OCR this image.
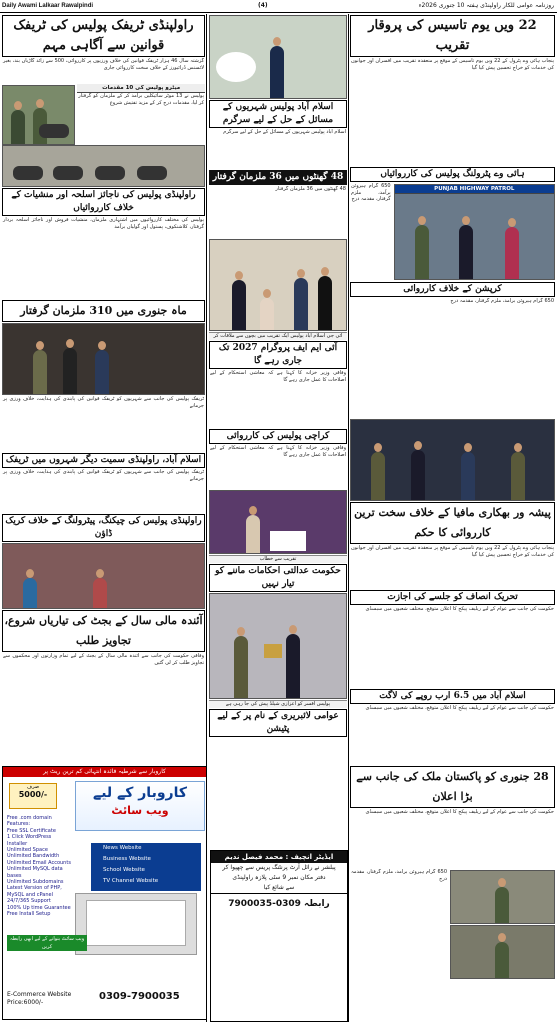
Daily Awami Lalkaar Rawalpindi	(4)	روزنامہ عوامی للکار راولپنڈی ہفتہ 10 جنوری 2026ء
راولپنڈی ٹریفک پولیس کی ٹریفک قوانین سے آگاہی مہم
گزشتہ سال 46 ہزار ٹریفک قوانین کی خلاف ورزیوں پر کارروائی، 500 سے زائد گاڑیاں بند، بغیر لائسنس ڈرائیورز کے خلاف سخت کارروائی جاری
میٹرو پولیس کی 10 مقدمات
پولیس نے 13 موٹر سائیکلیں برآمد کر کے ملزمان کو گرفتار کر لیا، مقدمات درج کر کے مزید تفتیش شروع
راولپنڈی پولیس کی ناجائز اسلحہ اور منشیات کے خلاف کارروائیاں
پولیس کی مختلف کارروائیوں میں اشتہاری ملزمان، منشیات فروش اور ناجائز اسلحہ بردار گرفتار، کلاشنکوف، پستول اور گولیاں برآمد
ماہ جنوری میں 310 ملزمان گرفتار
ٹریفک پولیس کی جانب سے شہریوں کو ٹریفک قوانین کی پابندی کی ہدایت، خلاف ورزی پر جرمانے
اسلام آباد، راولپنڈی سمیت دیگر شہروں میں ٹریفک
ٹریفک پولیس کی جانب سے شہریوں کو ٹریفک قوانین کی پابندی کی ہدایت، خلاف ورزی پر جرمانے
راولپنڈی پولیس کی چیکنگ، پیٹرولنگ کے خلاف کریک ڈاؤن
آئندہ مالی سال کے بجٹ کی تیاریاں شروع، تجاویز طلب
وفاقی حکومت کی جانب سے آئندہ مالی سال کے بجٹ کے لیے تمام وزارتوں اور محکموں سے تجاویز طلب کر لی گئیں
اسلام آباد پولیس شہریوں کے مسائل کے حل کے لیے سرگرم
اسلام آباد پولیس شہریوں کے مسائل کے حل کے لیے سرگرم
48 گھنٹوں میں 36 ملزمان گرفتار
48 گھنٹوں میں 36 ملزمان گرفتار
آئی جی اسلام آباد پولیس ایک تقریب میں بچوں سے ملاقات کر
آئی ایم ایف پروگرام 2027 تک جاری رہے گا
وفاقی وزیر خزانہ کا کہنا ہے کہ معاشی استحکام کے لیے اصلاحات کا عمل جاری رہے گا
کراچی پولیس کی کارروائی
وفاقی وزیر خزانہ کا کہنا ہے کہ معاشی استحکام کے لیے اصلاحات کا عمل جاری رہے گا
تقریب سے خطاب
حکومت عدالتی احکامات ماننے کو تیار نہیں
پولیس افسر کو اعزازی شیلڈ پیش کی جا رہی ہے
عوامی لائبریری کے نام پر کے لیے پٹیشن
22 ویں یوم تاسیس کی پروقار تقریب
پنجاب ہائی وے پٹرول کے 22 ویں یوم تاسیس کے موقع پر منعقدہ تقریب میں افسران اور جوانوں کی خدمات کو خراج تحسین پیش کیا گیا
ہائی وے پٹرولنگ پولیس کی کارروائیاں
650 گرام ہیروئن برآمد، ملزم گرفتار، مقدمہ درج
PUNJAB HIGHWAY PATROL
کرپشن کے خلاف کارروائی
650 گرام ہیروئن برآمد، ملزم گرفتار، مقدمہ درج
پیشہ ور بھکاری مافیا کے خلاف سخت ترین کارروائی کا حکم
پنجاب ہائی وے پٹرول کے 22 ویں یوم تاسیس کے موقع پر منعقدہ تقریب میں افسران اور جوانوں کی خدمات کو خراج تحسین پیش کیا گیا
تحریک انصاف کو جلسے کی اجازت
حکومت کی جانب سے عوام کے لیے ریلیف پیکج کا اعلان متوقع، مختلف شعبوں میں سبسڈی
اسلام آباد میں 6.5 ارب روپے کی لاگت
حکومت کی جانب سے عوام کے لیے ریلیف پیکج کا اعلان متوقع، مختلف شعبوں میں سبسڈی
28 جنوری کو پاکستان ملک کی جانب سے بڑا اعلان
حکومت کی جانب سے عوام کے لیے ریلیف پیکج کا اعلان متوقع، مختلف شعبوں میں سبسڈی
650 گرام ہیروئن برآمد، ملزم گرفتار، مقدمہ درج
کاروبار سے شرطیہ فائدہ انتہائی کم ترین ریٹ پر
صرف
5000/-	کاروبار کے لیے
ویب سائٹ
Free .com domain
Features:
Free SSL Certificate
1 Click WordPress Installer
Unlimited Space
Unlimited Bandwidth
Unlimited Email Accounts
Unlimited MySQL data bases
Unlimited Subdomains
Latest Version of PHP, MySQL and cPanel
24/7/365 Support
100% Up time Guarantee
Free Install Setup
News Website
Business Website
School Website
TV Channel Website
ویب سائٹ بنوانے کے لیے ابھی رابطہ کریں
E-Commerce Website
Price:6000/-
0309-7900035
ایڈیٹر انچیف : محمد فیصل ندیم
پبلشر نے رائل آرٹ پرنٹنگ پریس سے چھپوا کر
دفتر مکان نمبر 9 سٹی پلازہ راولپنڈی
سے شائع کیا
رابطہ 0309-7900035
